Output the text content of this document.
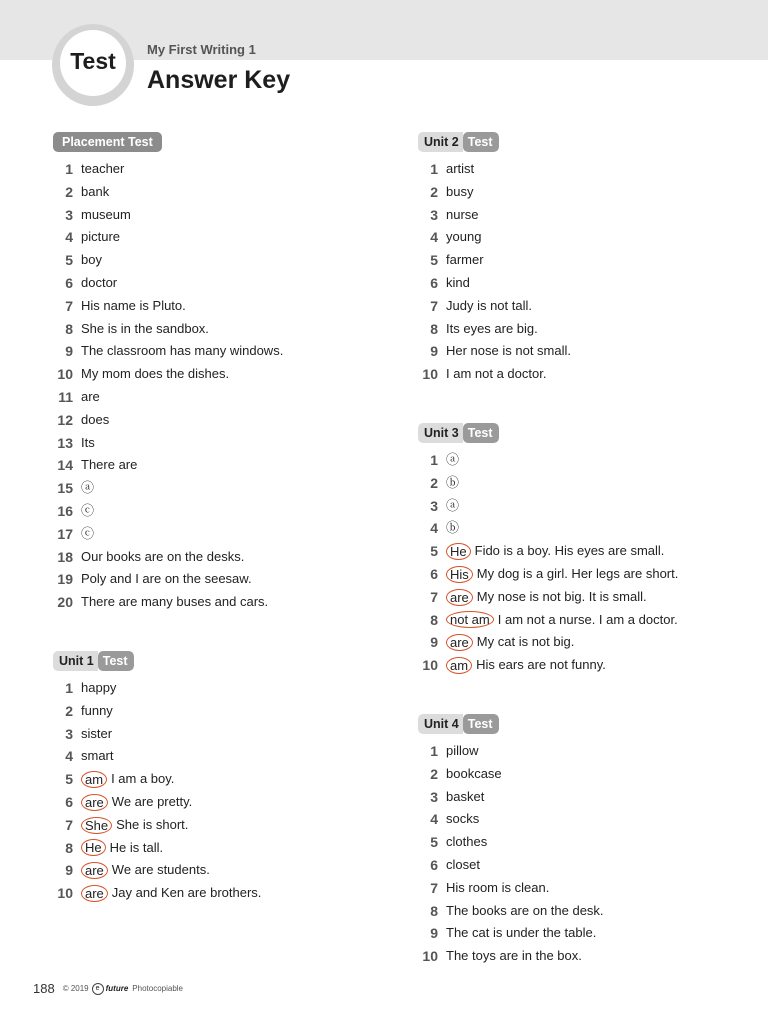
Test My First Writing 1
Answer Key
Placement Test
1 teacher
2 bank
3 museum
4 picture
5 boy
6 doctor
7 His name is Pluto.
8 She is in the sandbox.
9 The classroom has many windows.
10 My mom does the dishes.
11 are
12 does
13 Its
14 There are
15 ⓐ
16 ⓒ
17 ⓒ
18 Our books are on the desks.
19 Poly and I are on the seesaw.
20 There are many buses and cars.
Unit 1 Test
1 happy
2 funny
3 sister
4 smart
5 am I am a boy.
6 are We are pretty.
7 She She is short.
8 He He is tall.
9 are We are students.
10 are Jay and Ken are brothers.
Unit 2 Test
1 artist
2 busy
3 nurse
4 young
5 farmer
6 kind
7 Judy is not tall.
8 Its eyes are big.
9 Her nose is not small.
10 I am not a doctor.
Unit 3 Test
1 ⓐ
2 ⓑ
3 ⓐ
4 ⓑ
5 He Fido is a boy. His eyes are small.
6 His My dog is a girl. Her legs are short.
7 are My nose is not big. It is small.
8 not am I am not a nurse. I am a doctor.
9 are My cat is not big.
10 am His ears are not funny.
Unit 4 Test
1 pillow
2 bookcase
3 basket
4 socks
5 clothes
6 closet
7 His room is clean.
8 The books are on the desk.
9 The cat is under the table.
10 The toys are in the box.
188 © 2019	e future Photocopiable
